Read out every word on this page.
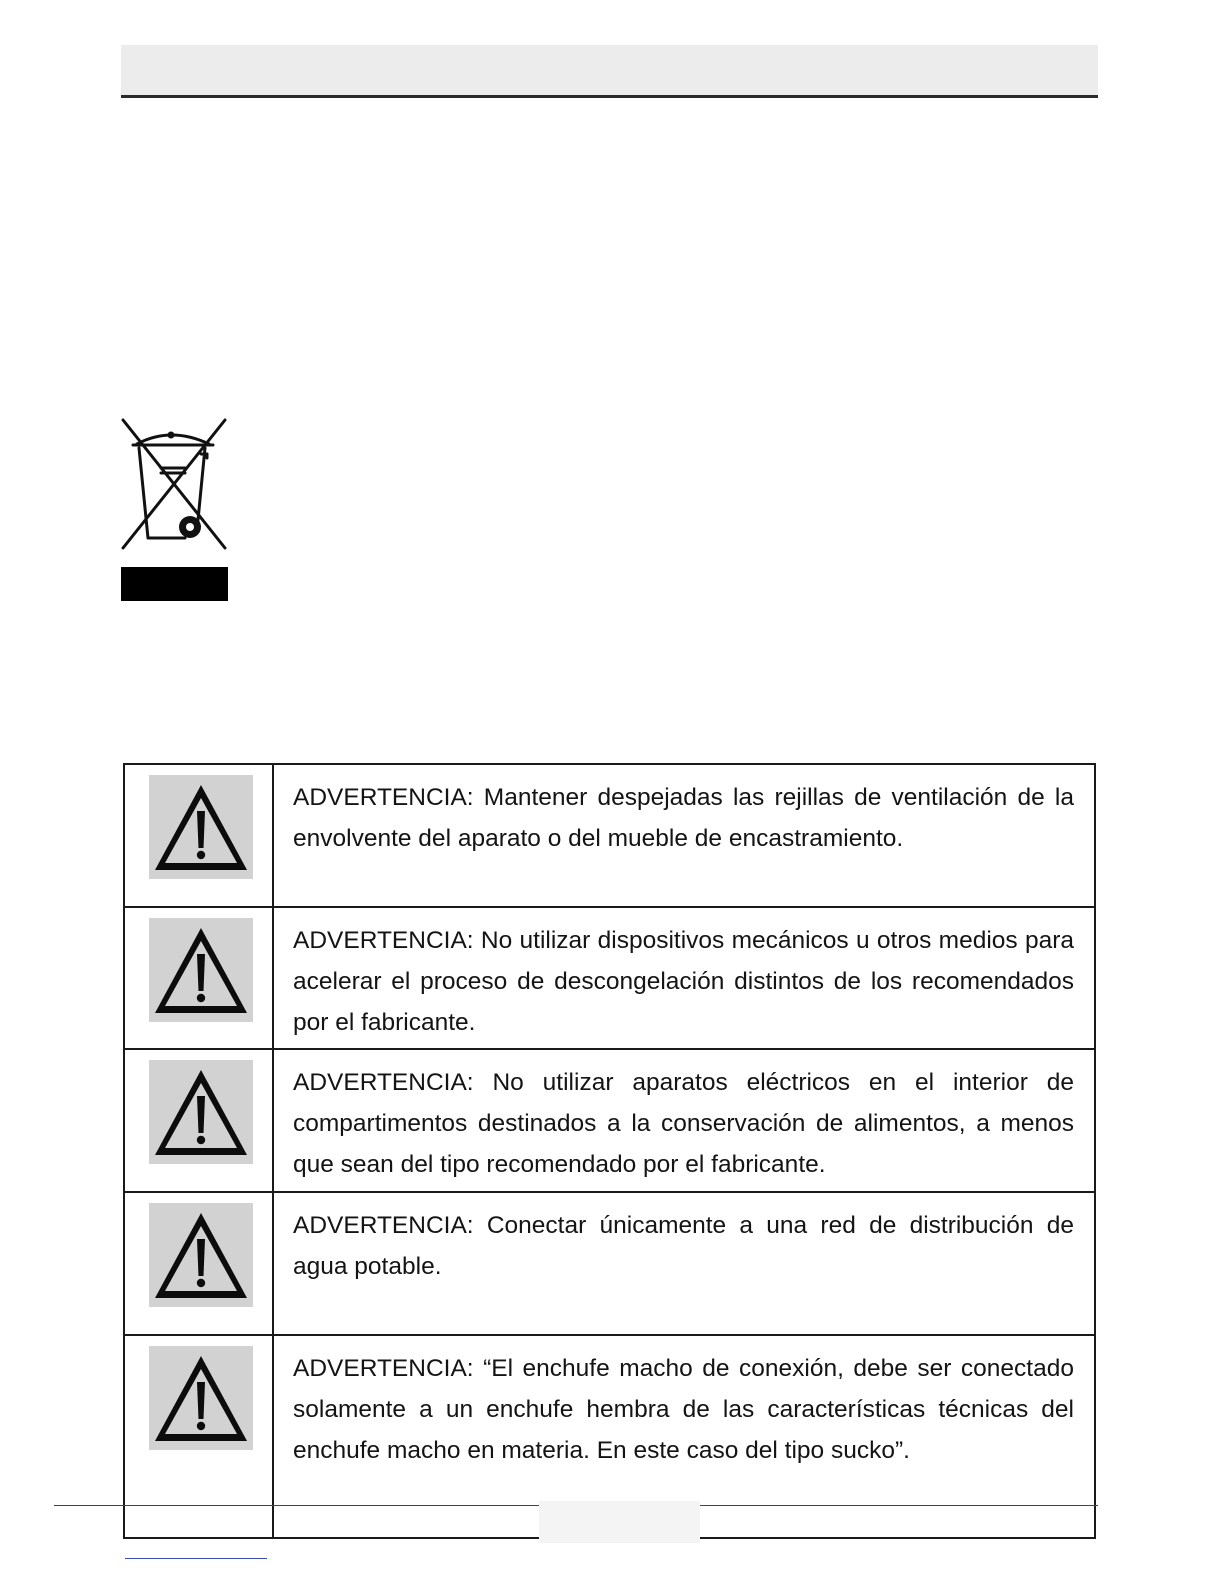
	ADVERTENCIA: Mantener despejadas las rejillas de ventilación de la envolvente del aparato o del mueble de encastramiento.

	ADVERTENCIA: No utilizar dispositivos mecánicos u otros medios para acelerar el proceso de descongelación distintos de los recomendados por el fabricante.

	ADVERTENCIA: No utilizar aparatos eléctricos en el interior de compartimentos destinados a la conservación de alimentos, a menos que sean del tipo recomendado por el fabricante.

	ADVERTENCIA: Conectar únicamente a una red de distribución de agua potable.

	ADVERTENCIA: “El enchufe macho de conexión, debe ser conectado solamente a un enchufe hembra de las características técnicas del enchufe macho en materia. En este caso del tipo sucko”.
